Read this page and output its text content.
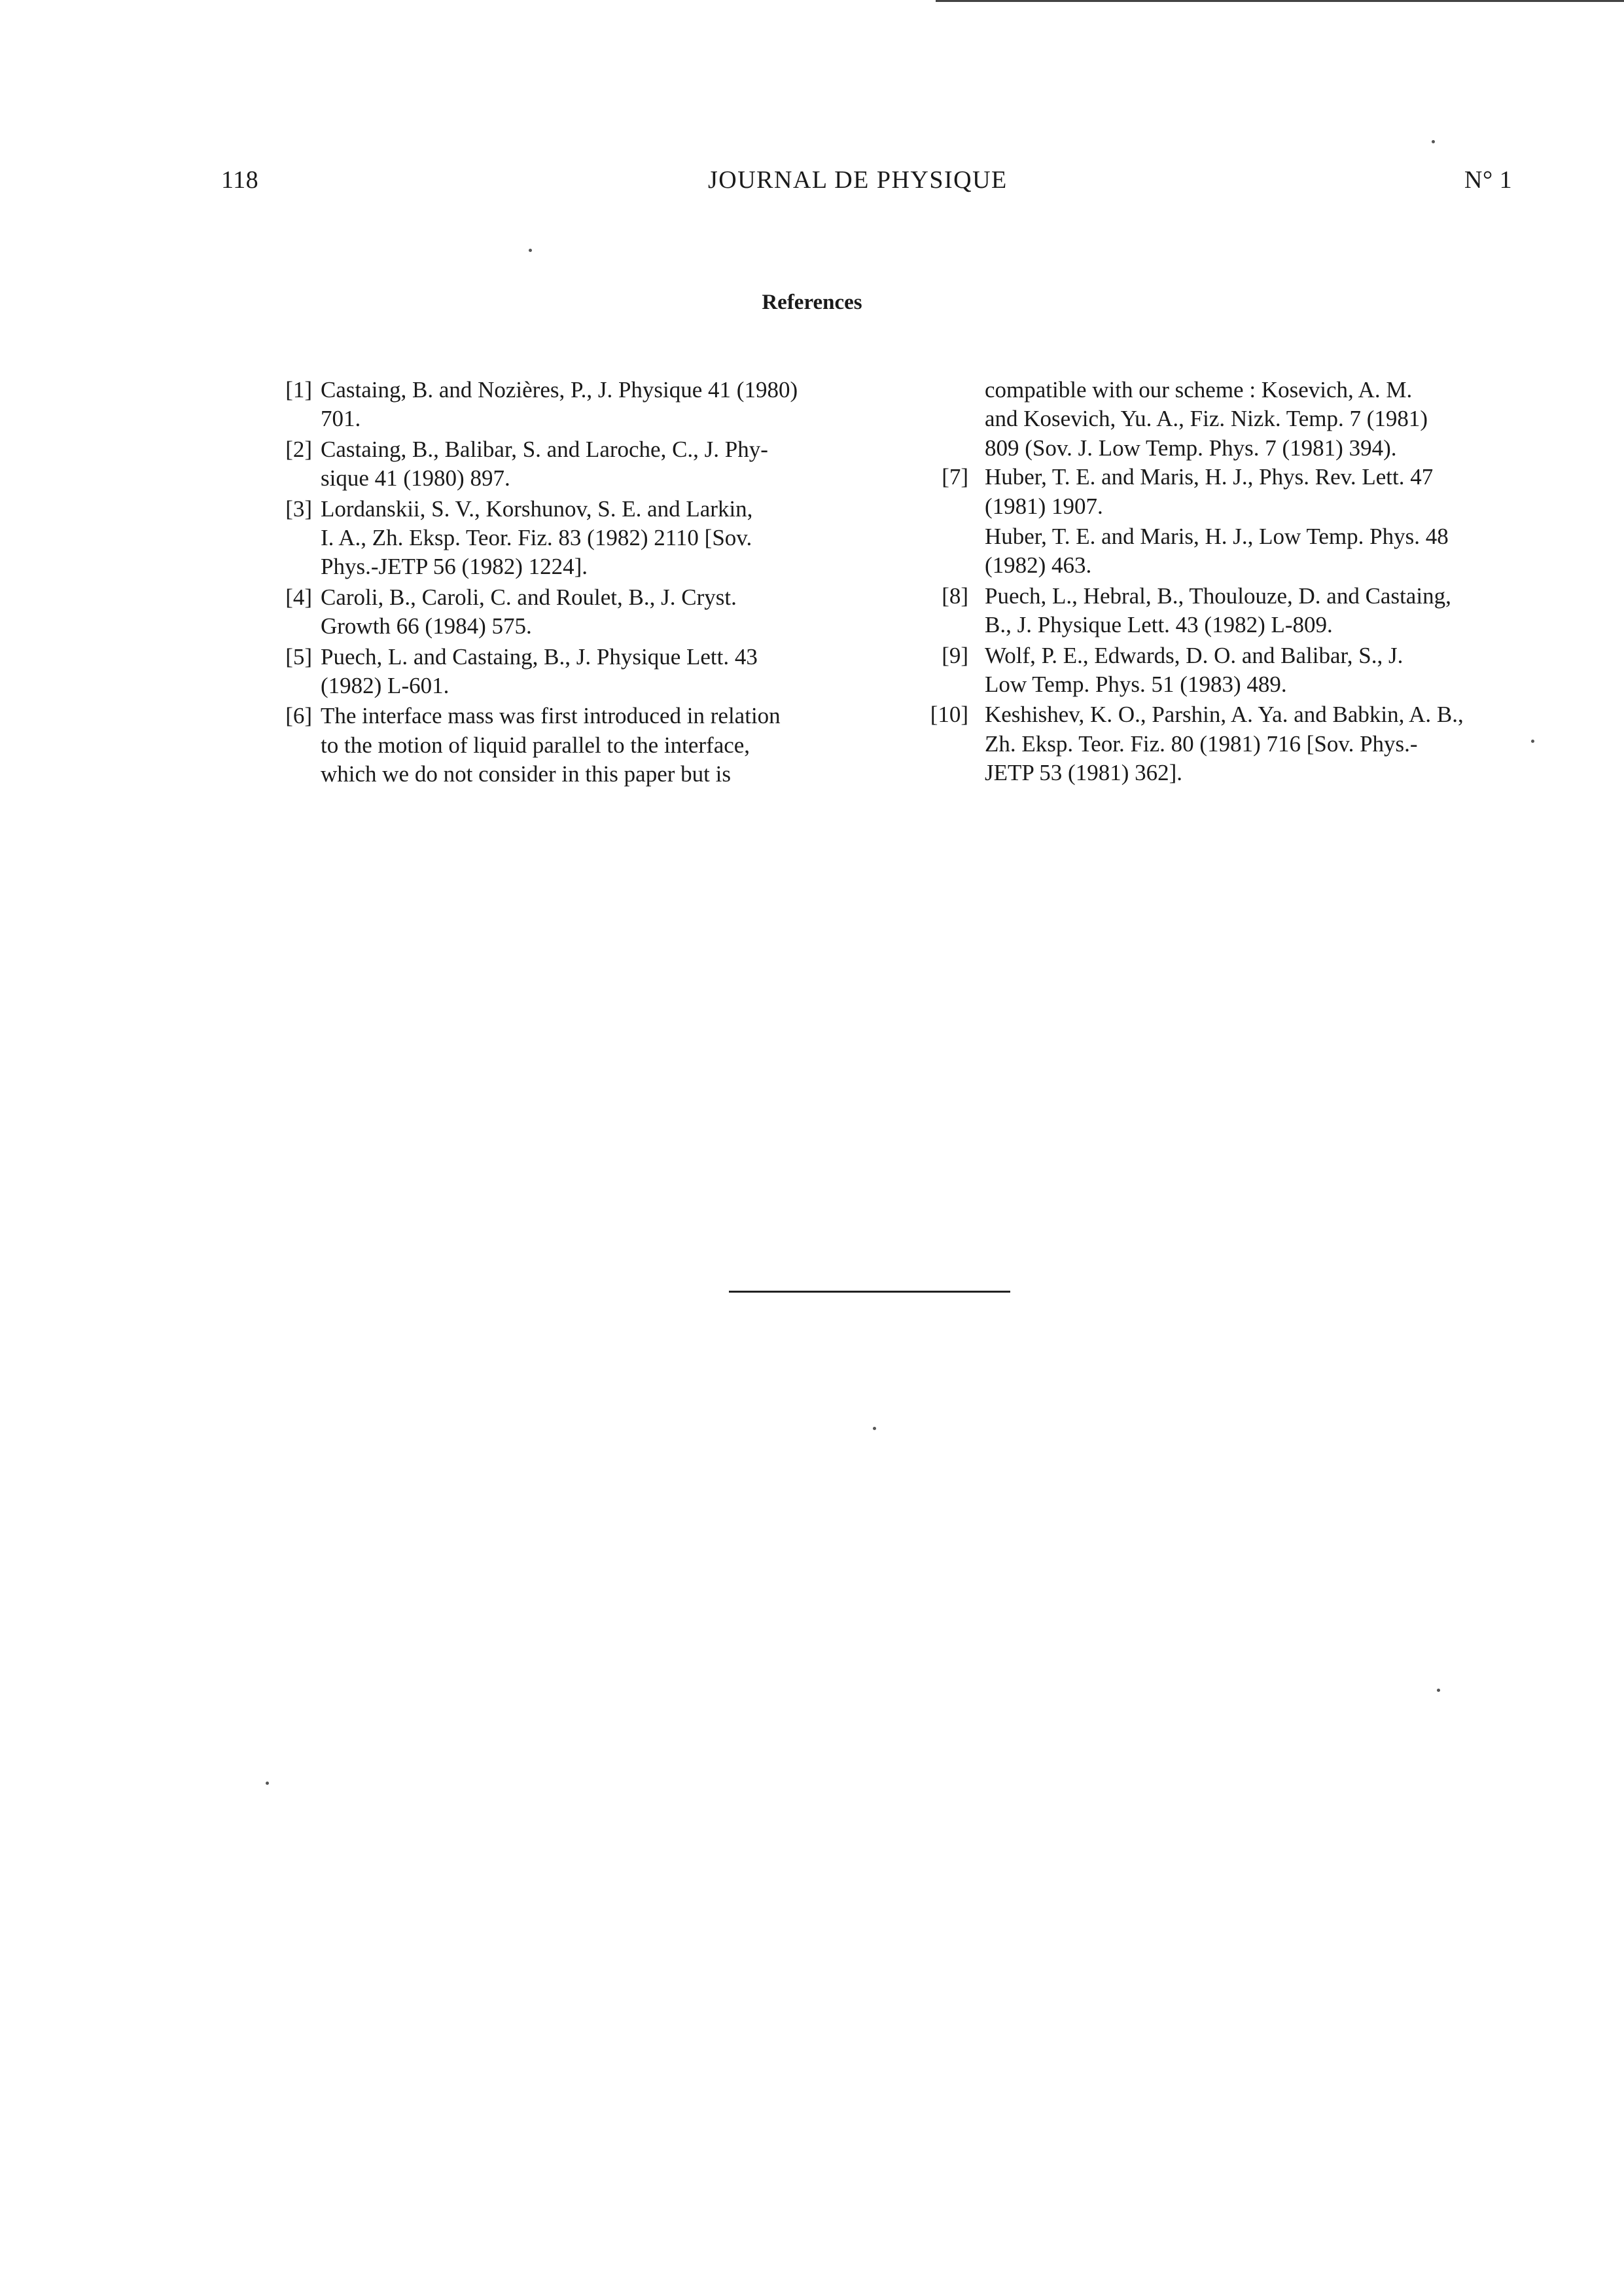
118	JOURNAL DE PHYSIQUE	N° 1
References
[1] Castaing, B. and Nozières, P., J. Physique 41 (1980)
701.
[2] Castaing, B., Balibar, S. and Laroche, C., J. Phy-
sique 41 (1980) 897.
[3] Lordanskii, S. V., Korshunov, S. E. and Larkin,
I. A., Zh. Eksp. Teor. Fiz. 83 (1982) 2110 [Sov.
Phys.-JETP 56 (1982) 1224].
[4] Caroli, B., Caroli, C. and Roulet, B., J. Cryst.
Growth 66 (1984) 575.
[5] Puech, L. and Castaing, B., J. Physique Lett. 43
(1982) L-601.
[6] The interface mass was first introduced in relation
to the motion of liquid parallel to the interface,
which we do not consider in this paper but is
compatible with our scheme : Kosevich, A. M.
and Kosevich, Yu. A., Fiz. Nizk. Temp. 7 (1981)
809 (Sov. J. Low Temp. Phys. 7 (1981) 394).
[7] Huber, T. E. and Maris, H. J., Phys. Rev. Lett. 47
(1981) 1907.
Huber, T. E. and Maris, H. J., Low Temp. Phys. 48
(1982) 463.
[8] Puech, L., Hebral, B., Thoulouze, D. and Castaing,
B., J. Physique Lett. 43 (1982) L-809.
[9] Wolf, P. E., Edwards, D. O. and Balibar, S., J.
Low Temp. Phys. 51 (1983) 489.
[10] Keshishev, K. O., Parshin, A. Ya. and Babkin, A. B.,
Zh. Eksp. Teor. Fiz. 80 (1981) 716 [Sov. Phys.-
JETP 53 (1981) 362].
